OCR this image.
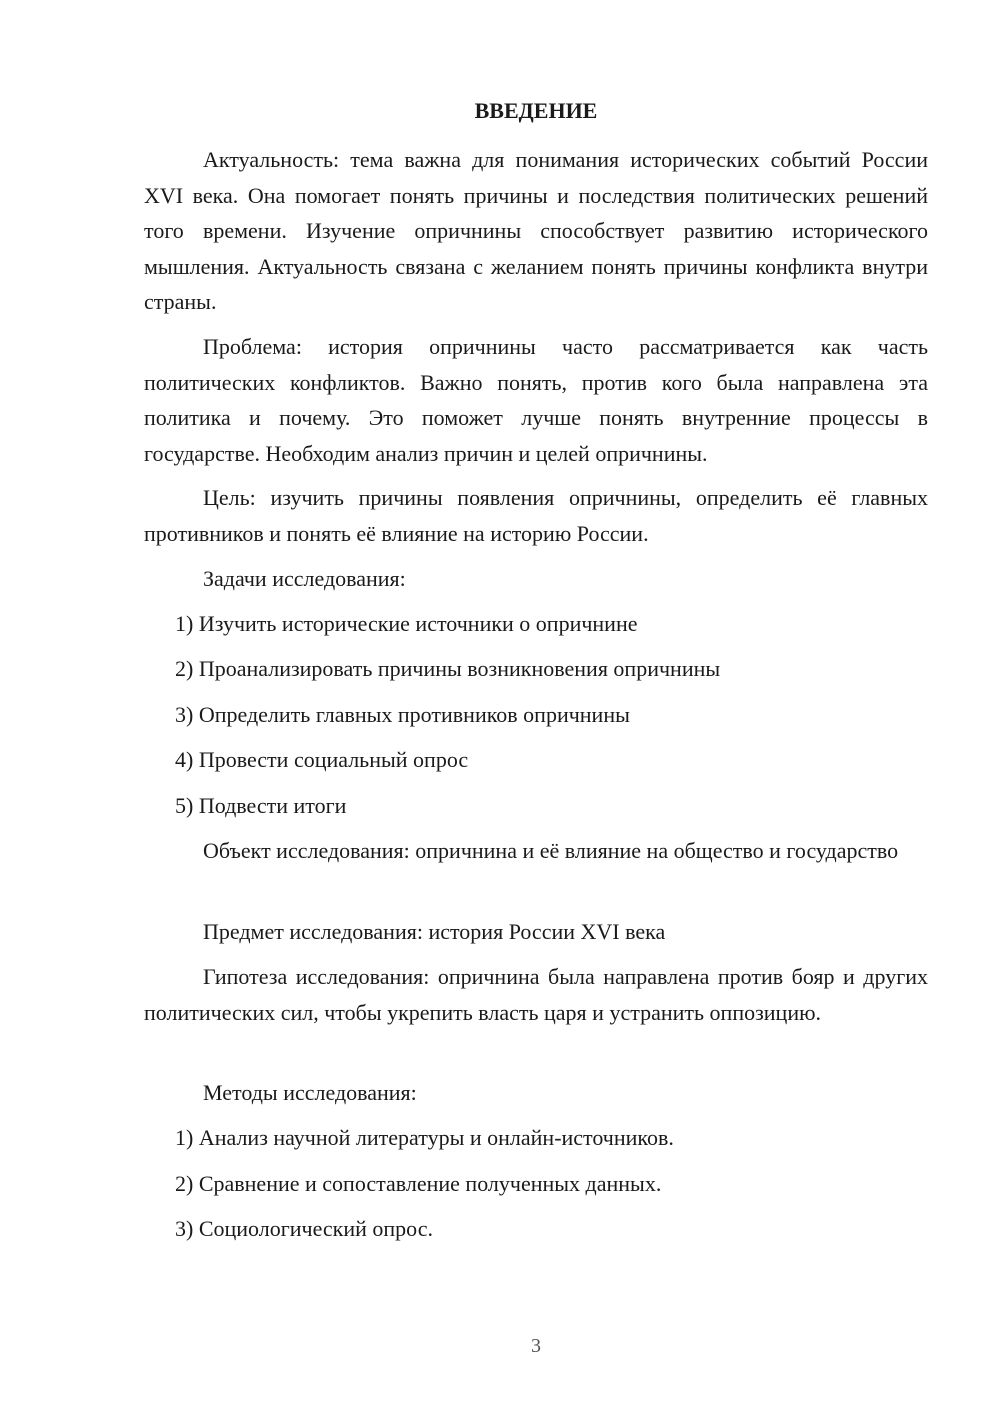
ВВЕДЕНИЕ

Актуальность: тема важна для понимания исторических событий России XVI века. Она помогает понять причины и последствия политических решений того времени. Изучение опричнины способствует развитию исторического мышления. Актуальность связана с желанием понять причины конфликта внутри страны.

Проблема: история опричнины часто рассматривается как часть политических конфликтов. Важно понять, против кого была направлена эта политика и почему. Это поможет лучше понять внутренние процессы в государстве. Необходим анализ причин и целей опричнины.

Цель: изучить причины появления опричнины, определить её главных противников и понять её влияние на историю России.

Задачи исследования:

1) Изучить исторические источники о опричнине

2) Проанализировать причины возникновения опричнины

3) Определить главных противников опричнины

4) Провести социальный опрос

5) Подвести итоги

Объект исследования: опричнина и её влияние на общество и государство

Предмет исследования: история России XVI века

Гипотеза исследования: опричнина была направлена против бояр и других политических сил, чтобы укрепить власть царя и устранить оппозицию.

Методы исследования:

1) Анализ научной литературы и онлайн-источников.

2) Сравнение и сопоставление полученных данных.

3) Социологический опрос.

3
